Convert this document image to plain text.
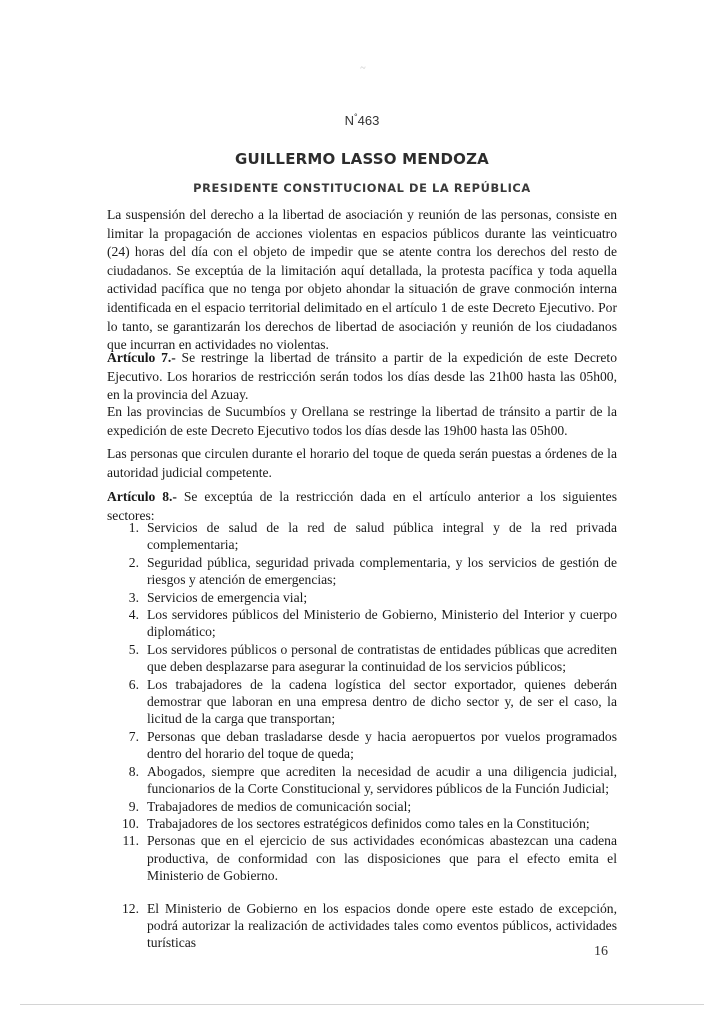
~
N°463
GUILLERMO LASSO MENDOZA
PRESIDENTE CONSTITUCIONAL DE LA REPÚBLICA

La suspensión del derecho a la libertad de asociación y reunión de las personas, consiste en limitar la propagación de acciones violentas en espacios públicos durante las veinticuatro (24) horas del día con el objeto de impedir que se atente contra los derechos del resto de ciudadanos. Se exceptúa de la limitación aquí detallada, la protesta pacífica y toda aquella actividad pacífica que no tenga por objeto ahondar la situación de grave conmoción interna identificada en el espacio territorial delimitado en el artículo 1 de este Decreto Ejecutivo. Por lo tanto, se garantizarán los derechos de libertad de asociación y reunión de los ciudadanos que incurran en actividades no violentas.

Artículo 7.- Se restringe la libertad de tránsito a partir de la expedición de este Decreto Ejecutivo. Los horarios de restricción serán todos los días desde las 21h00 hasta las 05h00, en la provincia del Azuay.

En las provincias de Sucumbíos y Orellana se restringe la libertad de tránsito a partir de la expedición de este Decreto Ejecutivo todos los días desde las 19h00 hasta las 05h00.

Las personas que circulen durante el horario del toque de queda serán puestas a órdenes de la autoridad judicial competente.

Artículo 8.- Se exceptúa de la restricción dada en el artículo anterior a los siguientes sectores:

1. Servicios de salud de la red de salud pública integral y de la red privada complementaria;
2. Seguridad pública, seguridad privada complementaria, y los servicios de gestión de riesgos y atención de emergencias;
3. Servicios de emergencia vial;
4. Los servidores públicos del Ministerio de Gobierno, Ministerio del Interior y cuerpo diplomático;
5. Los servidores públicos o personal de contratistas de entidades públicas que acrediten que deben desplazarse para asegurar la continuidad de los servicios públicos;
6. Los trabajadores de la cadena logística del sector exportador, quienes deberán demostrar que laboran en una empresa dentro de dicho sector y, de ser el caso, la licitud de la carga que transportan;
7. Personas que deban trasladarse desde y hacia aeropuertos por vuelos programados dentro del horario del toque de queda;
8. Abogados, siempre que acrediten la necesidad de acudir a una diligencia judicial, funcionarios de la Corte Constitucional y, servidores públicos de la Función Judicial;
9. Trabajadores de medios de comunicación social;
10. Trabajadores de los sectores estratégicos definidos como tales en la Constitución;
11. Personas que en el ejercicio de sus actividades económicas abastezcan una cadena productiva, de conformidad con las disposiciones que para el efecto emita el Ministerio de Gobierno.
12. El Ministerio de Gobierno en los espacios donde opere este estado de excepción, podrá autorizar la realización de actividades tales como eventos públicos, actividades turísticas
16
